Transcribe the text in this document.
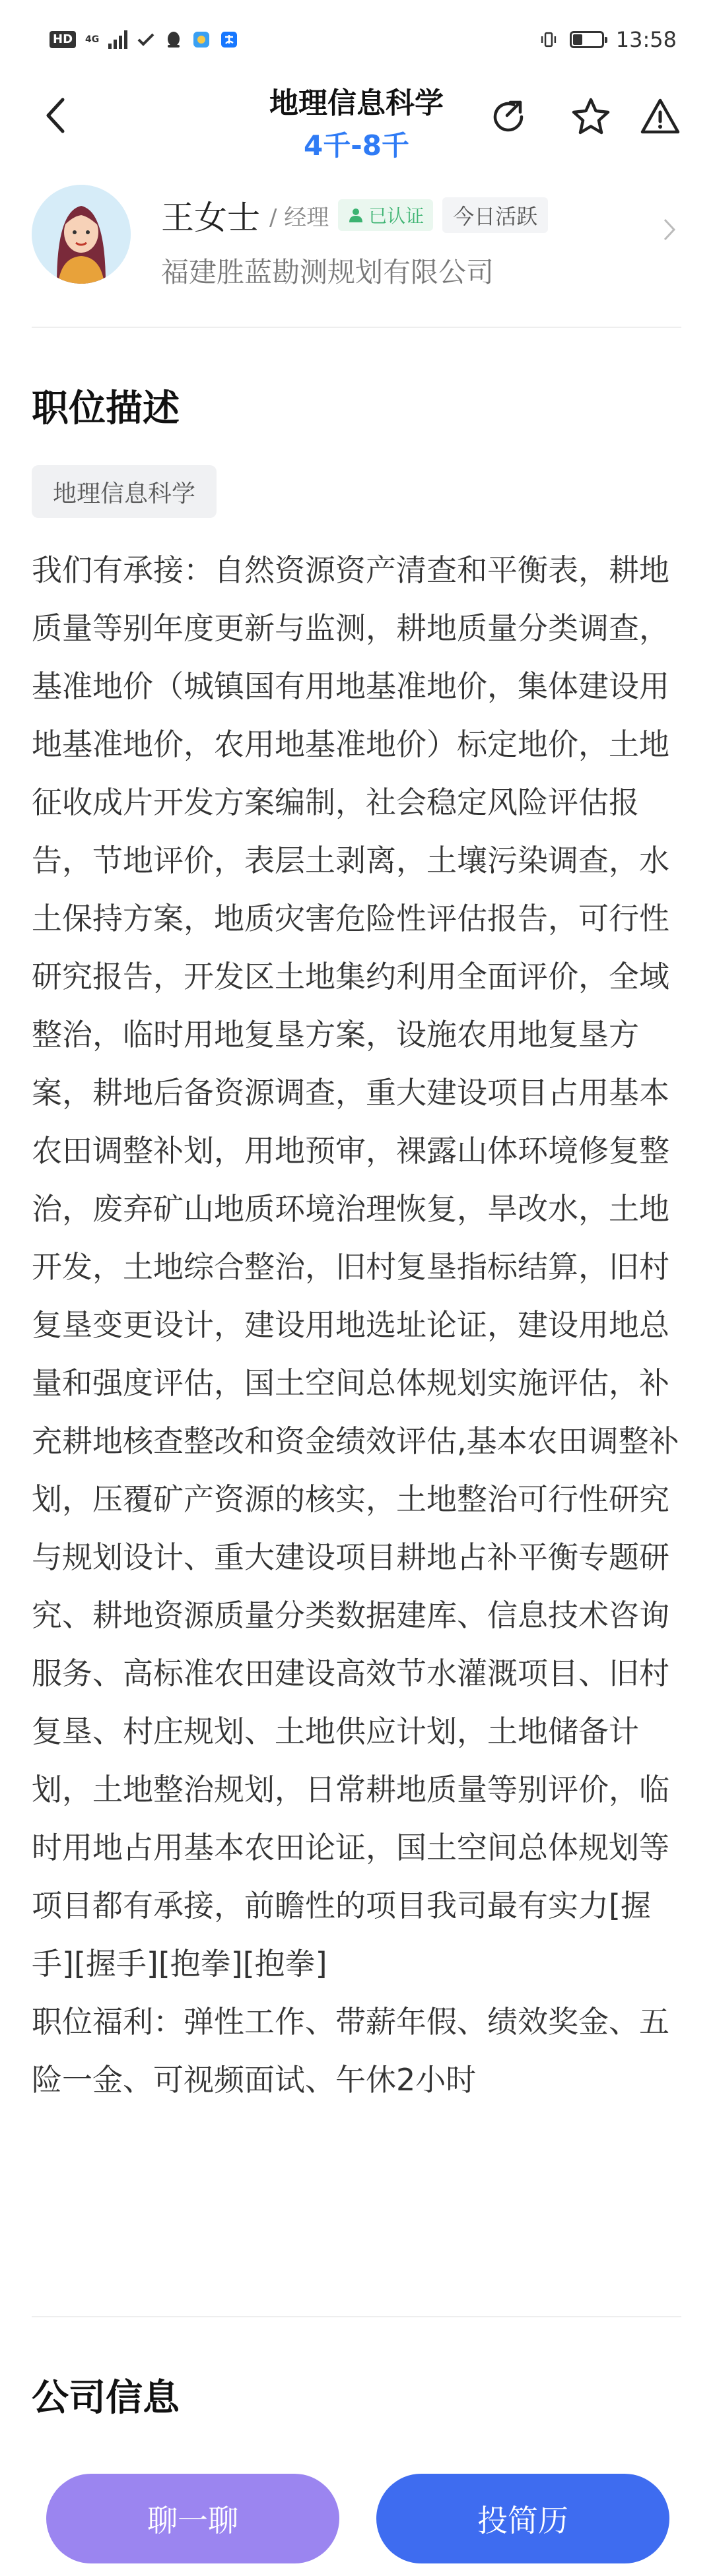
HD	4G	13:58
地理信息科学
4千-8千
王女士 / 经理 已认证	今日活跃
福建胜蓝勘测规划有限公司
职位描述
地理信息科学
我们有承接：自然资源资产清查和平衡表，耕地质量等别年度更新与监测，耕地质量分类调查，基准地价（城镇国有用地基准地价，集体建设用地基准地价，农用地基准地价）标定地价，土地征收成片开发方案编制，社会稳定风险评估报告，节地评价，表层土剥离，土壤污染调查，水土保持方案，地质灾害危险性评估报告，可行性研究报告，开发区土地集约利用全面评价，全域整治，临时用地复垦方案，设施农用地复垦方案，耕地后备资源调查，重大建设项目占用基本农田调整补划，用地预审，裸露山体环境修复整治，废弃矿山地质环境治理恢复，旱改水，土地开发，土地综合整治，旧村复垦指标结算，旧村复垦变更设计，建设用地选址论证，建设用地总量和强度评估，国土空间总体规划实施评估，补充耕地核查整改和资金绩效评估,基本农田调整补划，压覆矿产资源的核实，土地整治可行性研究与规划设计、重大建设项目耕地占补平衡专题研究、耕地资源质量分类数据建库、信息技术咨询服务、高标准农田建设高效节水灌溉项目、旧村复垦、村庄规划、土地供应计划，土地储备计划，土地整治规划，日常耕地质量等别评价，临时用地占用基本农田论证，国土空间总体规划等项目都有承接，前瞻性的项目我司最有实力[握手][握手][抱拳][抱拳]
职位福利：弹性工作、带薪年假、绩效奖金、五险一金、可视频面试、午休2小时
公司信息
聊一聊	投简历
